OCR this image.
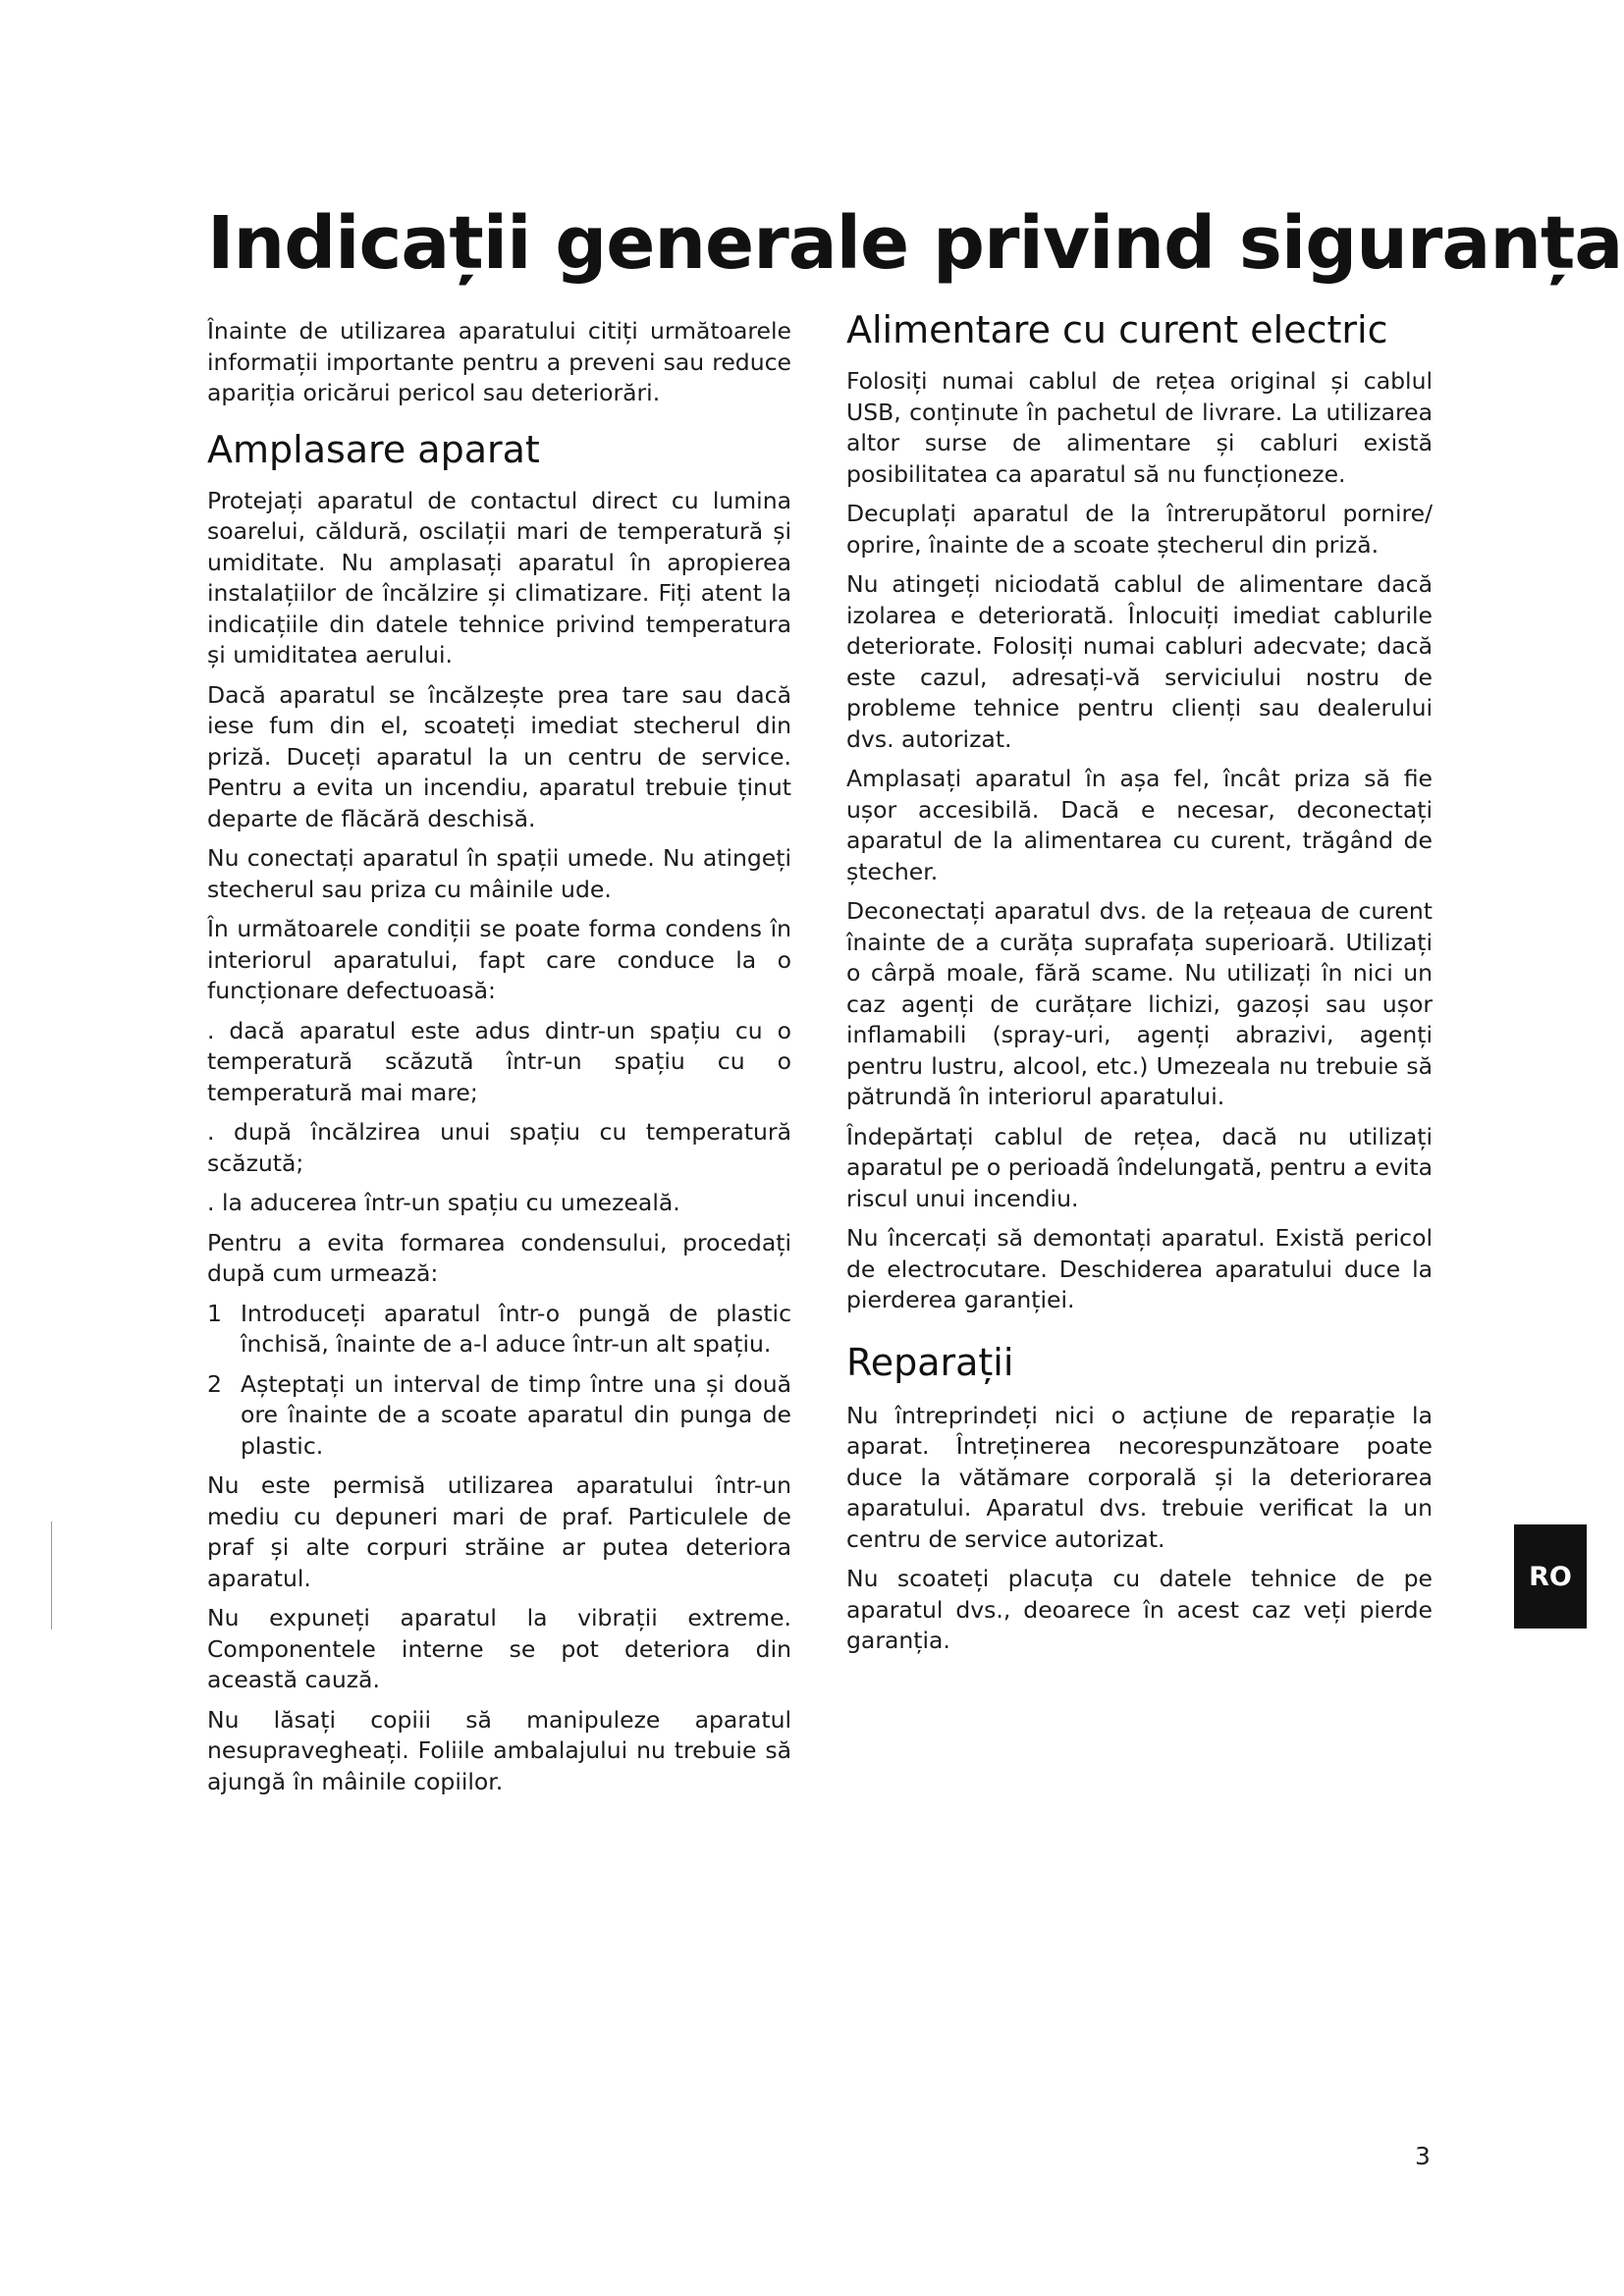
Indicații generale privind siguranța

Înainte de utilizarea aparatului citiți următoarele informații importante pentru a preveni sau reduce apariția oricărui pericol sau deteriorări.

Amplasare aparat

Protejați aparatul de contactul direct cu lumina soarelui, căldură, oscilații mari de temperatură și umiditate. Nu amplasați aparatul în apropierea instalațiilor de încălzire și climatizare. Fiți atent la indicațiile din datele tehnice privind temperatura și umiditatea aerului.

Dacă aparatul se încălzește prea tare sau dacă iese fum din el, scoateți imediat stecherul din priză. Duceți aparatul la un centru de service. Pentru a evita un incendiu, aparatul trebuie ținut departe de flăcără deschisă.

Nu conectați aparatul în spații umede. Nu atingeți stecherul sau priza cu mâinile ude.

În următoarele condiții se poate forma condens în interiorul aparatului, fapt care conduce la o funcționare defectuoasă:

. dacă aparatul este adus dintr-un spațiu cu o temperatură scăzută într-un spațiu cu o temperatură mai mare;

. după încălzirea unui spațiu cu temperatură scăzută;

. la aducerea într-un spațiu cu umezeală.

Pentru a evita formarea condensului, procedați după cum urmează:

1 Introduceți aparatul într-o pungă de plastic închisă, înainte de a-l aduce într-un alt spațiu.
2 Așteptați un interval de timp între una și două ore înainte de a scoate aparatul din punga de plastic.

Nu este permisă utilizarea aparatului într-un mediu cu depuneri mari de praf. Particulele de praf și alte corpuri străine ar putea deteriora aparatul.

Nu expuneți aparatul la vibrații extreme. Componentele interne se pot deteriora din această cauză.

Nu lăsați copiii să manipuleze aparatul nesupravegheați. Foliile ambalajului nu trebuie să ajungă în mâinile copiilor.

Alimentare cu curent electric

Folosiți numai cablul de rețea original și cablul USB, conținute în pachetul de livrare. La utilizarea altor surse de alimentare și cabluri există posibilitatea ca aparatul să nu funcționeze.

Decuplați aparatul de la întrerupătorul pornire/ oprire, înainte de a scoate ștecherul din priză.

Nu atingeți niciodată cablul de alimentare dacă izolarea e deteriorată. Înlocuiți imediat cablurile deteriorate. Folosiți numai cabluri adecvate; dacă este cazul, adresați-vă serviciului nostru de probleme tehnice pentru clienți sau dealerului dvs. autorizat.

Amplasați aparatul în așa fel, încât priza să fie ușor accesibilă. Dacă e necesar, deconectați aparatul de la alimentarea cu curent, trăgând de ștecher.

Deconectați aparatul dvs. de la rețeaua de curent înainte de a curăța suprafața superioară. Utilizați o cârpă moale, fără scame. Nu utilizați în nici un caz agenți de curățare lichizi, gazoși sau ușor inflamabili (spray-uri, agenți abrazivi, agenți pentru lustru, alcool, etc.) Umezeala nu trebuie să pătrundă în interiorul aparatului.

Îndepărtați cablul de rețea, dacă nu utilizați aparatul pe o perioadă îndelungată, pentru a evita riscul unui incendiu.

Nu încercați să demontați aparatul. Există pericol de electrocutare. Deschiderea aparatului duce la pierderea garanției.

Reparații

Nu întreprindeți nici o acțiune de reparație la aparat. Întreținerea necorespunzătoare poate duce la vătămare corporală și la deteriorarea aparatului. Aparatul dvs. trebuie verificat la un centru de service autorizat.

Nu scoateți placuța cu datele tehnice de pe aparatul dvs., deoarece în acest caz veți pierde garanția.

RO
3
